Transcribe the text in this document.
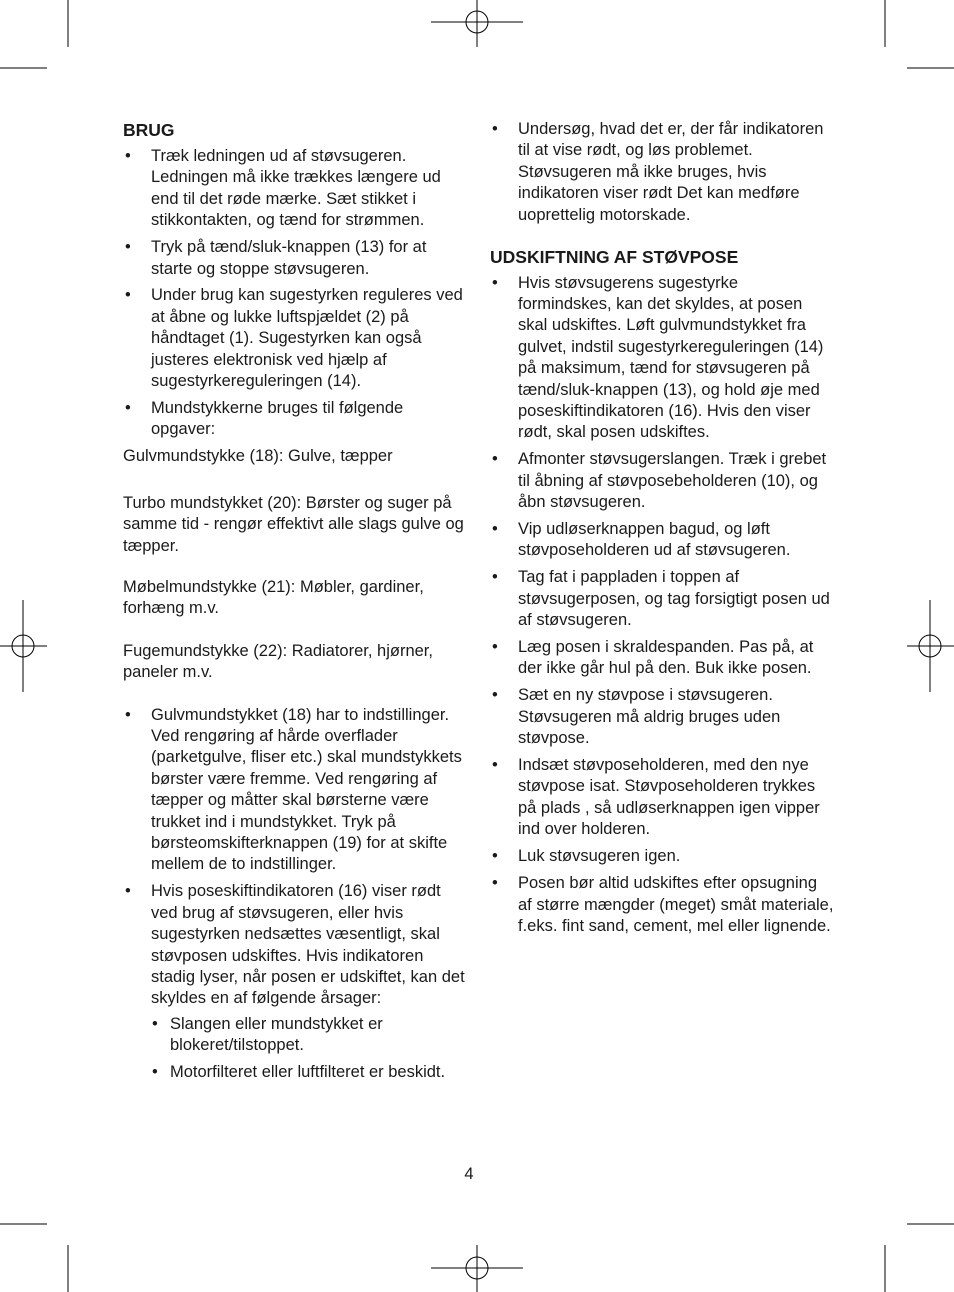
BRUG
• Træk ledningen ud af støvsugeren. Ledningen må ikke trækkes længere ud end til det røde mærke. Sæt stikket i stikkontakten, og tænd for strømmen.
• Tryk på tænd/sluk-knappen (13) for at starte og stoppe støvsugeren.
• Under brug kan sugestyrken reguleres ved at åbne og lukke luftspjældet (2) på håndtaget (1). Sugestyrken kan også justeres elektronisk ved hjælp af sugestyrkereguleringen (14).
• Mundstykkerne bruges til følgende opgaver:

Gulvmundstykke (18): Gulve, tæpper

Turbo mundstykket (20): Børster og suger på samme tid - rengør effektivt alle slags gulve og tæpper.

Møbelmundstykke (21): Møbler, gardiner, forhæng m.v.

Fugemundstykke (22): Radiatorer, hjørner, paneler m.v.

• Gulvmundstykket (18) har to indstillinger. Ved rengøring af hårde overflader (parketgulve, fliser etc.) skal mundstykkets børster være fremme. Ved rengøring af tæpper og måtter skal børsterne være trukket ind i mundstykket. Tryk på børsteomskifterknappen (19) for at skifte mellem de to indstillinger.
• Hvis poseskiftindikatoren (16) viser rødt ved brug af støvsugeren, eller hvis sugestyrken nedsættes væsentligt, skal støvposen udskiftes. Hvis indikatoren stadig lyser, når posen er udskiftet, kan det skyldes en af følgende årsager:
• Slangen eller mundstykket er blokeret/tilstoppet.
• Motorfilteret eller luftfilteret er beskidt.
• Undersøg, hvad det er, der får indikatoren til at vise rødt, og løs problemet. Støvsugeren må ikke bruges, hvis indikatoren viser rødt Det kan medføre uoprettelig motorskade.
UDSKIFTNING AF STØVPOSE
• Hvis støvsugerens sugestyrke formindskes, kan det skyldes, at posen skal udskiftes. Løft gulvmundstykket fra gulvet, indstil sugestyrkereguleringen (14) på maksimum, tænd for støvsugeren på tænd/sluk-knappen (13), og hold øje med poseskiftindikatoren (16). Hvis den viser rødt, skal posen udskiftes.
• Afmonter støvsugerslangen. Træk i grebet til åbning af støvposebeholderen (10), og åbn støvsugeren.
• Vip udløserknappen bagud, og løft støvposeholderen ud af støvsugeren.
• Tag fat i pappladen i toppen af støvsugerposen, og tag forsigtigt posen ud af støvsugeren.
• Læg posen i skraldespanden. Pas på, at der ikke går hul på den. Buk ikke posen.
• Sæt en ny støvpose i støvsugeren. Støvsugeren må aldrig bruges uden støvpose.
• Indsæt støvposeholderen, med den nye støvpose isat. Støvposeholderen trykkes på plads , så udløserknappen igen vipper ind over holderen.
• Luk støvsugeren igen.
• Posen bør altid udskiftes efter opsugning af større mængder (meget) småt materiale, f.eks. fint sand, cement, mel eller lignende.
4
